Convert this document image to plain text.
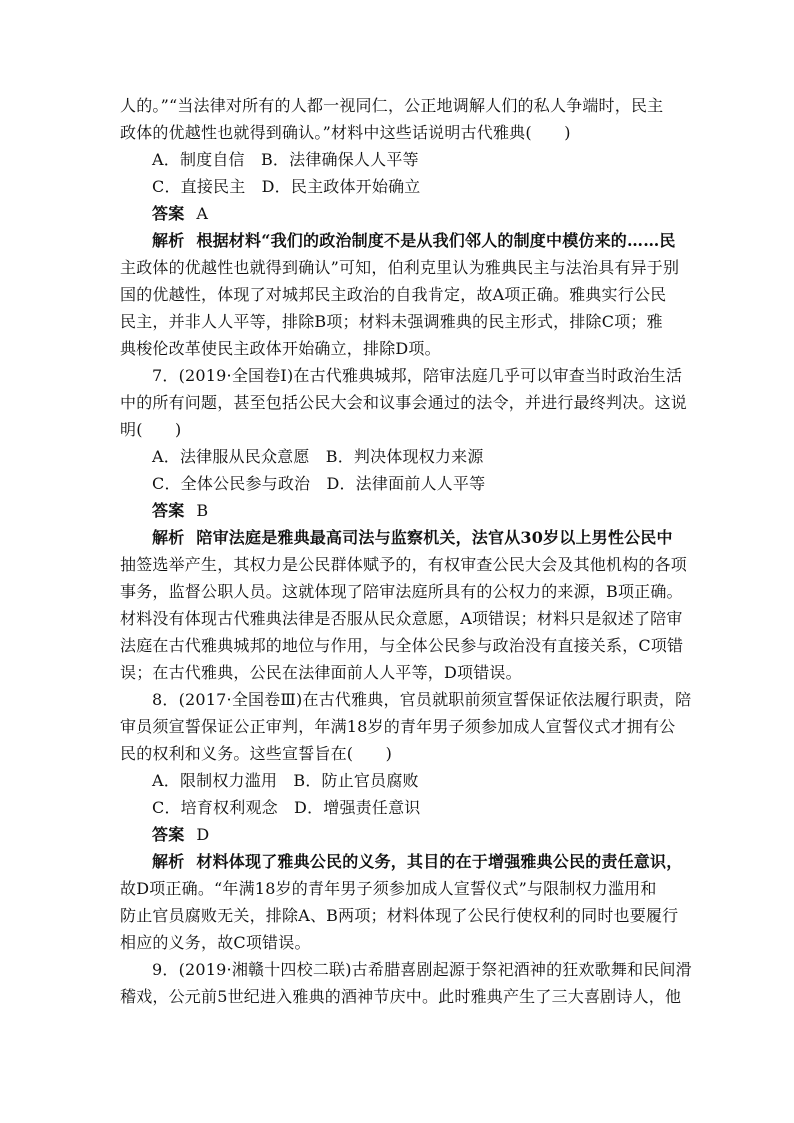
人的。”“当法律对所有的人都一视同仁，公正地调解人们的私人争端时，民主
政体的优越性也就得到确认。”材料中这些话说明古代雅典(　　)
A．制度自信　B．法律确保人人平等
C．直接民主　D．民主政体开始确立
答案 A
解析 根据材料“我们的政治制度不是从我们邻人的制度中模仿来的……民
主政体的优越性也就得到确认”可知，伯利克里认为雅典民主与法治具有异于别
国的优越性，体现了对城邦民主政治的自我肯定，故A项正确。雅典实行公民
民主，并非人人平等，排除B项；材料未强调雅典的民主形式，排除C项；雅
典梭伦改革使民主政体开始确立，排除D项。
7．(2019·全国卷Ⅰ)在古代雅典城邦，陪审法庭几乎可以审查当时政治生活
中的所有问题，甚至包括公民大会和议事会通过的法令，并进行最终判决。这说
明(　　)
A．法律服从民众意愿　B．判决体现权力来源
C．全体公民参与政治　D．法律面前人人平等
答案 B
解析 陪审法庭是雅典最高司法与监察机关，法官从30岁以上男性公民中
抽签选举产生，其权力是公民群体赋予的，有权审查公民大会及其他机构的各项
事务，监督公职人员。这就体现了陪审法庭所具有的公权力的来源，B项正确。
材料没有体现古代雅典法律是否服从民众意愿，A项错误；材料只是叙述了陪审
法庭在古代雅典城邦的地位与作用，与全体公民参与政治没有直接关系，C项错
误；在古代雅典，公民在法律面前人人平等，D项错误。
8．(2017·全国卷Ⅲ)在古代雅典，官员就职前须宣誓保证依法履行职责，陪
审员须宣誓保证公正审判，年满18岁的青年男子须参加成人宣誓仪式才拥有公
民的权利和义务。这些宣誓旨在(　　)
A．限制权力滥用　B．防止官员腐败
C．培育权利观念　D．增强责任意识
答案 D
解析 材料体现了雅典公民的义务，其目的在于增强雅典公民的责任意识，
故D项正确。“年满18岁的青年男子须参加成人宣誓仪式”与限制权力滥用和
防止官员腐败无关，排除A、B两项；材料体现了公民行使权利的同时也要履行
相应的义务，故C项错误。
9．(2019·湘赣十四校二联)古希腊喜剧起源于祭祀酒神的狂欢歌舞和民间滑
稽戏，公元前5世纪进入雅典的酒神节庆中。此时雅典产生了三大喜剧诗人，他
